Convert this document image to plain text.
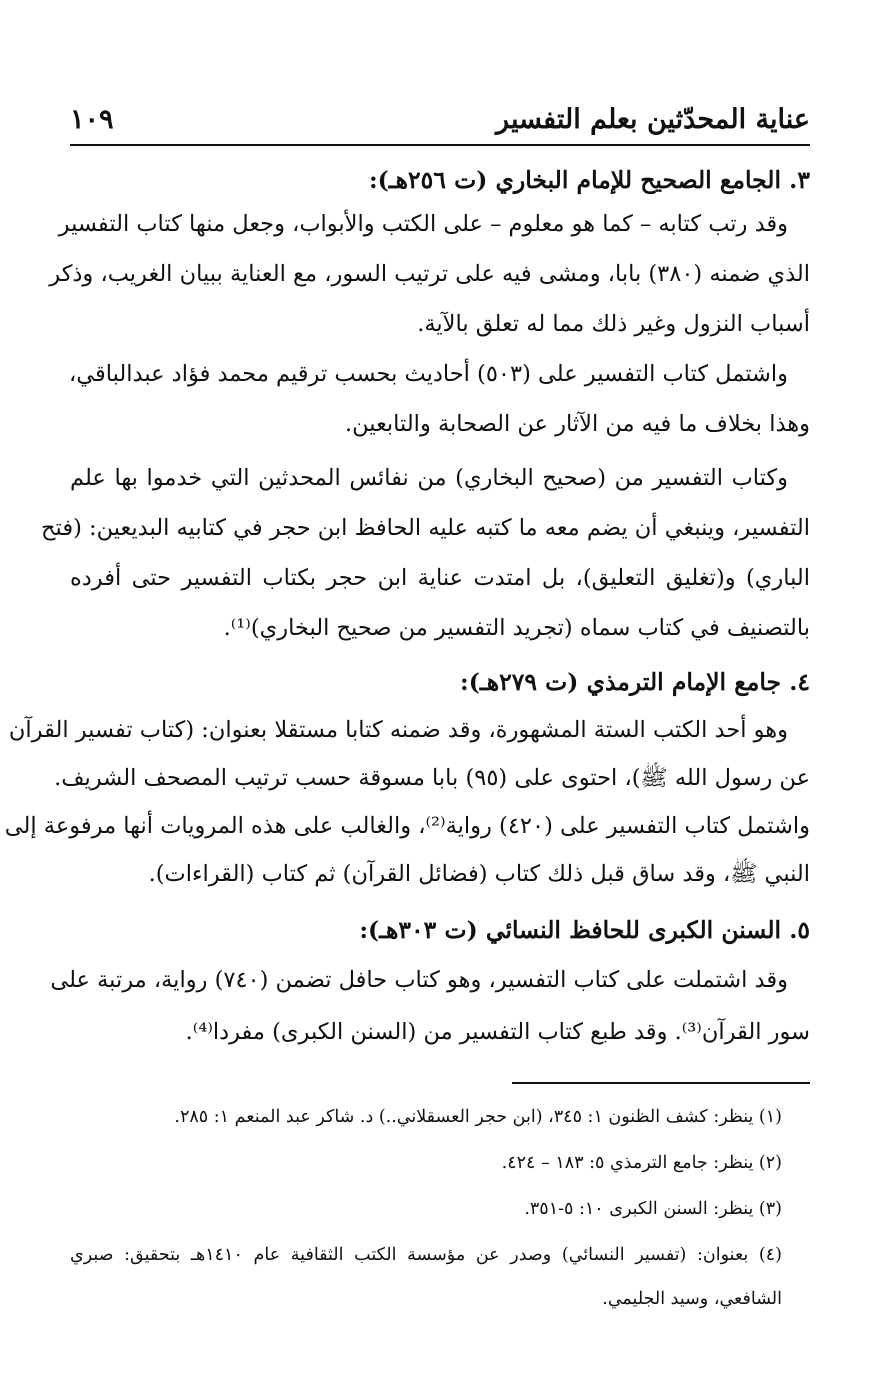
عناية المحدّثين بعلم التفسير
١٠٩
٣. الجامع الصحيح للإمام البخاري (ت ٢٥٦هـ):
وقد رتب كتابه – كما هو معلوم – على الكتب والأبواب، وجعل منها كتاب التفسير
الذي ضمنه (٣٨٠) بابا، ومشى فيه على ترتيب السور، مع العناية ببيان الغريب، وذكر
أسباب النزول وغير ذلك مما له تعلق بالآية.
واشتمل كتاب التفسير على (٥٠٣) أحاديث بحسب ترقيم محمد فؤاد عبدالباقي،
وهذا بخلاف ما فيه من الآثار عن الصحابة والتابعين.
وكتاب التفسير من (صحيح البخاري) من نفائس المحدثين التي خدموا بها علم
التفسير، وينبغي أن يضم معه ما كتبه عليه الحافظ ابن حجر في كتابيه البديعين: (فتح
الباري) و(تغليق التعليق)، بل امتدت عناية ابن حجر بكتاب التفسير حتى أفرده
بالتصنيف في كتاب سماه (تجريد التفسير من صحيح البخاري)⁽¹⁾.
٤. جامع الإمام الترمذي (ت ٢٧٩هـ):
وهو أحد الكتب الستة المشهورة، وقد ضمنه كتابا مستقلا بعنوان: (كتاب تفسير القرآن
عن رسول الله ﷺ)، احتوى على (٩٥) بابا مسوقة حسب ترتيب المصحف الشريف.
واشتمل كتاب التفسير على (٤٢٠) رواية⁽²⁾، والغالب على هذه المرويات أنها مرفوعة إلى
النبي ﷺ، وقد ساق قبل ذلك كتاب (فضائل القرآن) ثم كتاب (القراءات).
٥. السنن الكبرى للحافظ النسائي (ت ٣٠٣هـ):
وقد اشتملت على كتاب التفسير، وهو كتاب حافل تضمن (٧٤٠) رواية، مرتبة على
سور القرآن⁽³⁾. وقد طبع كتاب التفسير من (السنن الكبرى) مفردا⁽⁴⁾.
(١) ينظر: كشف الظنون ١: ٣٤٥، (ابن حجر العسقلاني..) د. شاكر عبد المنعم ١: ٢٨٥.
(٢) ينظر: جامع الترمذي ٥: ١٨٣ – ٤٢٤.
(٣) ينظر: السنن الكبرى ١٠: ٥-٣٥١.
(٤) بعنوان: (تفسير النسائي) وصدر عن مؤسسة الكتب الثقافية عام ١٤١٠هـ بتحقيق: صبري
الشافعي، وسيد الجليمي.
